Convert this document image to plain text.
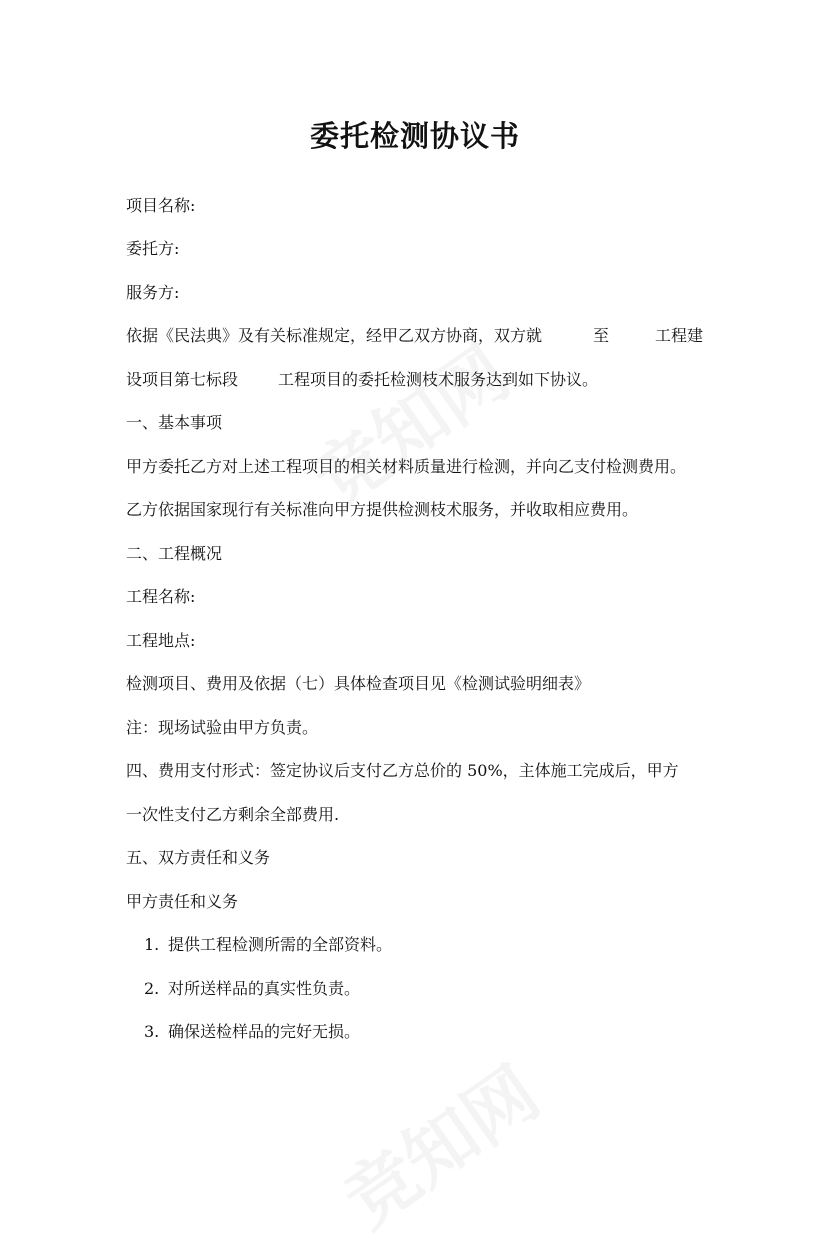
委托检测协议书
项目名称:
委托方:
服务方:
依据《民法典》及有关标准规定，经甲乙双方协商，双方就	至	工程建
设项目第七标段	工程项目的委托检测枝术服务达到如下协议。
一、基本事项
甲方委托乙方对上述工程项目的相关材料质量进行检测，并向乙支付检测费用。
乙方依据国家现行有关标准向甲方提供检测枝术服务，并收取相应费用。
二、工程概况
工程名称:
工程地点:
检测项目、费用及依据（七）具体检查项目见《检测试验明细表》
注：现场试验由甲方负责。
四、费用支付形式：签定协议后支付乙方总价的 50%，主体施工完成后，甲方
一次性支付乙方剩余全部费用.
五、双方责任和义务
甲方责任和义务
1. 提供工程检测所需的全部资料。
2. 对所送样品的真实性负责。
3. 确保送检样品的完好无损。
